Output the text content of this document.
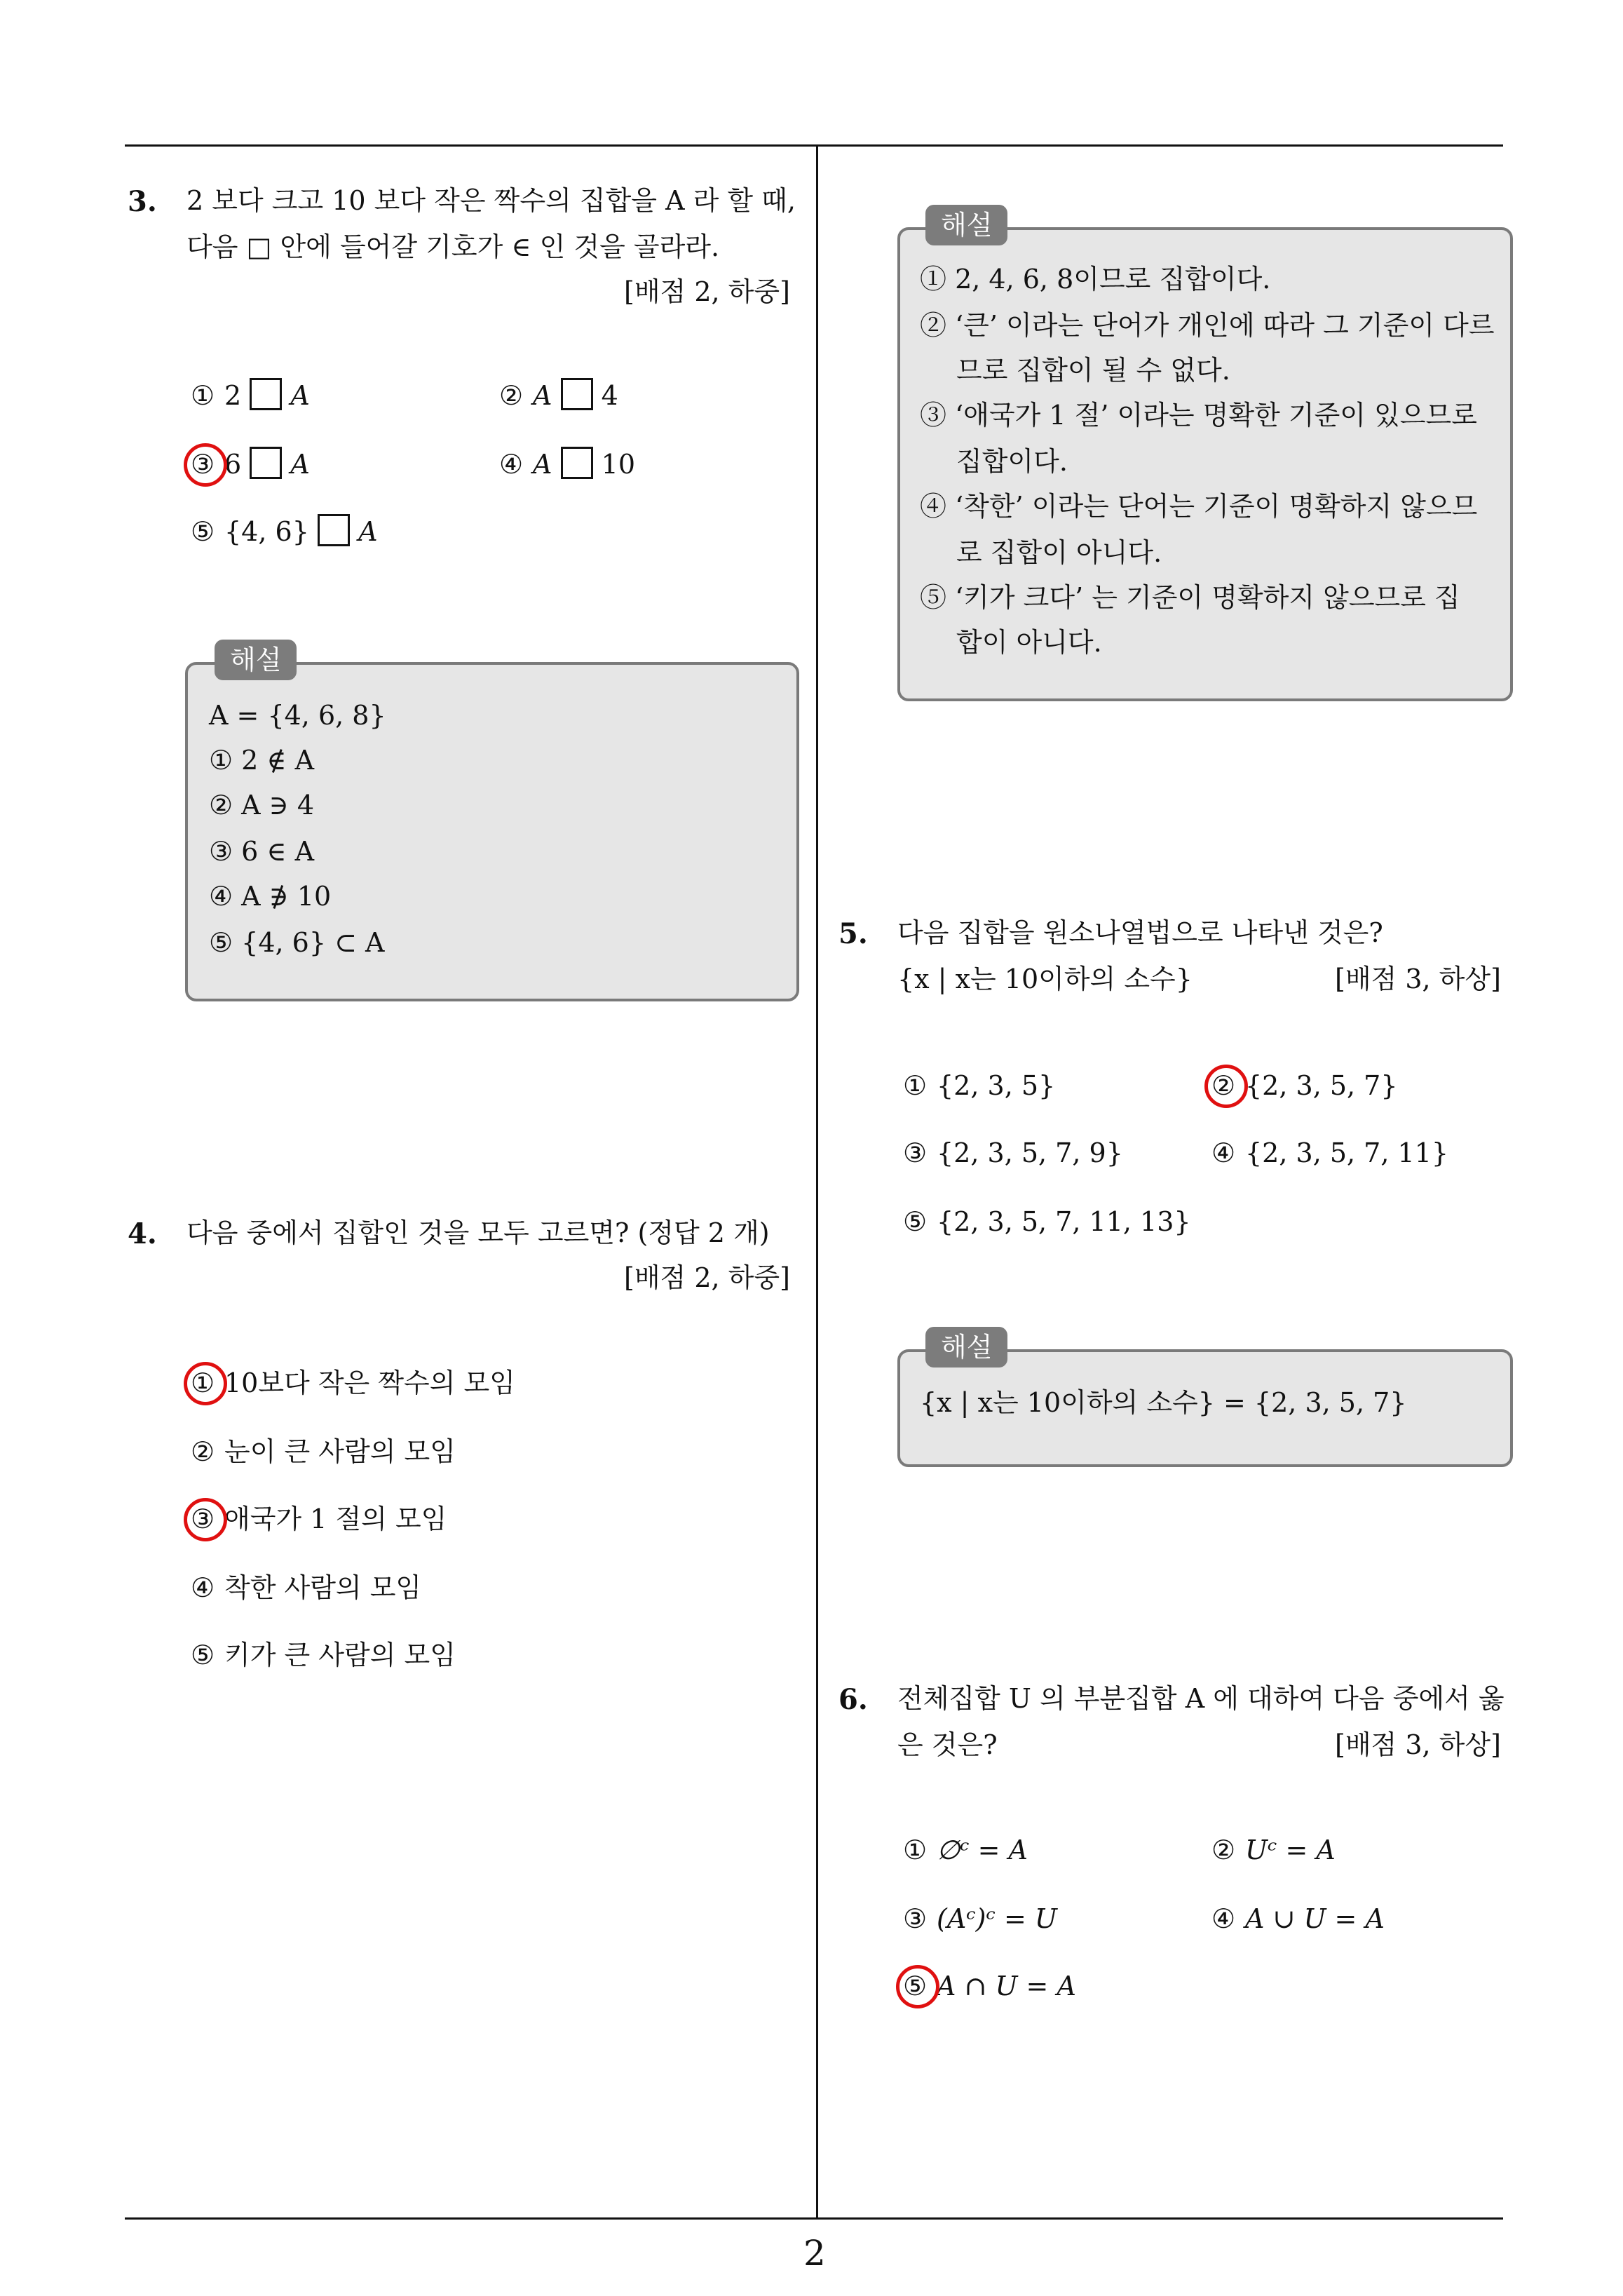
3. 2 보다 크고 10 보다 작은 짝수의 집합을 A 라 할 때,
다음 □ 안에 들어갈 기호가 ∈ 인 것을 골라라.
[배점 2, 하중]
① 2 A	② A 4
③ 6 A	④ A 10
⑤ {4, 6} A
해설
A = {4, 6, 8}
① 2 ∉ A
② A ∋ 4
③ 6 ∈ A
④ A ∌ 10
⑤ {4, 6} ⊂ A
4. 다음 중에서 집합인 것을 모두 고르면? (정답 2 개)
[배점 2, 하중]
① 10보다 작은 짝수의 모임
② 눈이 큰 사람의 모임
③ 애국가 1 절의 모임
④ 착한 사람의 모임
⑤ 키가 큰 사람의 모임
해설
① 2, 4, 6, 8이므로 집합이다.
② ‘큰’ 이라는 단어가 개인에 따라 그 기준이 다르
므로 집합이 될 수 없다.
③ ‘애국가 1 절’ 이라는 명확한 기준이 있으므로
집합이다.
④ ‘착한’ 이라는 단어는 기준이 명확하지 않으므
로 집합이 아니다.
⑤ ‘키가 크다’ 는 기준이 명확하지 않으므로 집
합이 아니다.
5. 다음 집합을 원소나열법으로 나타낸 것은?
{x | x는 10이하의 소수}	[배점 3, 하상]
① {2, 3, 5}	② {2, 3, 5, 7}
③ {2, 3, 5, 7, 9}	④ {2, 3, 5, 7, 11}
⑤ {2, 3, 5, 7, 11, 13}
해설
{x | x는 10이하의 소수} = {2, 3, 5, 7}
6. 전체집합 U 의 부분집합 A 에 대하여 다음 중에서 옳
은 것은?	[배점 3, 하상]
① ∅ᶜ = A	② Uᶜ = A
③ (Aᶜ)ᶜ = U	④ A ∪ U = A
⑤ A ∩ U = A
2
